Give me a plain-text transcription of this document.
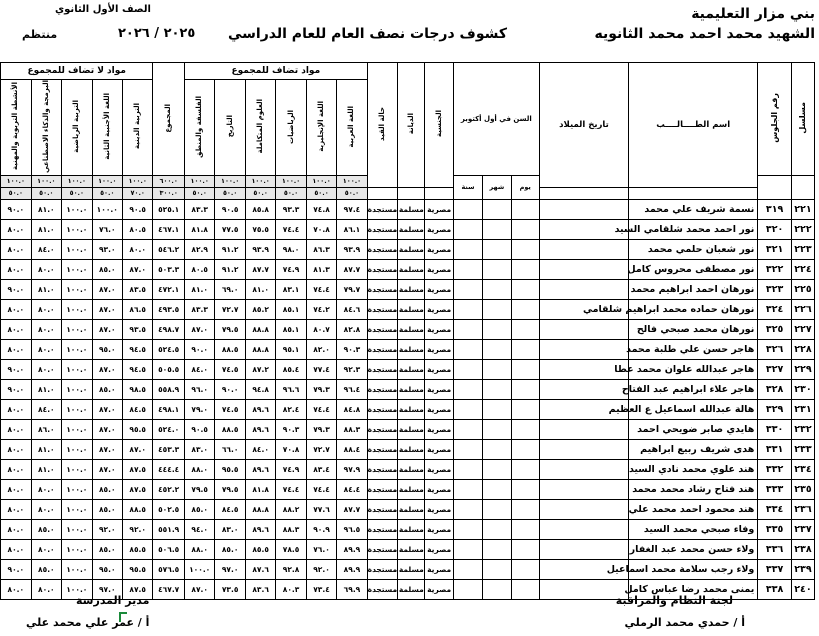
الصف الأول الثانوي	بني مزار التعليمية
الشهيد محمد احمد محمد الثانويه
كشوف درجات نصف العام للعام الدراسي
٢٠٢٥ / ٢٠٢٦
منتظم
مسلسل	رقم الجلوس	اسم الطــــالــــب	تاريخ الميلاد	السن في أول أكتوبر			الجنسية	الديانة	حالة القيد	مواد تضاف للمجموع						المجموع	مواد لا تضاف للمجموع				
										اللغة العربية	اللغة الإنجليزية	الرياضيات	العلوم المتكاملة	التاريخ	الفلسفة والمنطق		التربية الدينية	اللغة الأجنبية الثانية	التربية الرياضية	البرمجة والذكاء الاصطناعي	الأنشطة التربوية والمهنية
				يوم	شهر	سنة				١٠٠.٠	١٠٠.٠	١٠٠.٠	١٠٠.٠	١٠٠.٠	١٠٠.٠	٦٠٠.٠	١٠٠.٠	١٠٠.٠	١٠٠.٠	١٠٠.٠	١٠٠.٠
										٥٠.٠	٥٠.٠	٥٠.٠	٥٠.٠	٥٠.٠	٥٠.٠	٣٠٠.٠	٧٠.٠	٥٠.٠	٥٠.٠	٥٠.٠	٥٠.٠
٢٢١	٣١٩	نسمة شريف علي محمد					مصرية	مسلمة	مستجدة	٩٧.٤	٧٤.٨	٩٣.٣	٨٥.٨	٩٠.٥	٨٣.٣	٥٢٥.١	٩٠.٥	١٠٠.٠	١٠٠.٠	٨١.٠	٩٠.٠
٢٢٢	٣٢٠	نور احمد محمد شلقامي السيد					مصرية	مسلمة	مستجدة	٨٦.١	٧٠.٨	٧٤.٤	٧٥.٥	٧٧.٥	٨١.٨	٤٦٧.١	٨٠.٥	٧٦.٠	١٠٠.٠	٨١.٠	٨٠.٠
٢٢٣	٣٢١	نور شعبان حلمي محمد					مصرية	مسلمة	مستجدة	٩٣.٩	٨٦.٣	٩٨.٠	٩٣.٩	٩١.٢	٨٢.٩	٥٤٦.٢	٨٠.٠	٩٣.٠	١٠٠.٠	٨٤.٠	٨٠.٠
٢٢٤	٣٢٢	نور مصطفى محروس كامل					مصرية	مسلمة	مستجدة	٨٧.٧	٨١.٣	٧٤.٩	٨٧.٧	٩١.٢	٨٠.٥	٥٠٣.٣	٨٧.٠	٨٥.٠	١٠٠.٠	٨٠.٠	٨٠.٠
٢٢٥	٣٢٣	نورهان احمد ابراهيم محمد					مصرية	مسلمة	مستجدة	٧٩.٧	٧٤.٤	٨٣.١	٨١.٠	٦٩.٠	٨١.٠	٤٧٢.١	٨٣.٥	٨٧.٠	١٠٠.٠	٨١.٠	٩٠.٠
٢٢٦	٣٢٤	نورهان حماده محمد ابراهيم شلقامي					مصرية	مسلمة	مستجدة	٨٤.٦	٧٤.٢	٨٥.١	٨٥.٢	٧٢.٧	٨٣.٣	٤٩٣.٥	٨٦.٥	٨٧.٠	١٠٠.٠	٨٠.٠	٨٠.٠
٢٢٧	٣٢٥	نورهان محمد صبحي فالح					مصرية	مسلمة	مستجدة	٨٢.٨	٨٠.٧	٨٥.١	٨٨.٨	٧٩.٥	٨٧.٠	٤٩٨.٧	٩٣.٥	٨٧.٠	١٠٠.٠	٨٠.٠	٨٠.٠
٢٢٨	٣٢٦	هاجر حسن علي طلبة محمد					مصرية	مسلمة	مستجدة	٩٠.٣	٨٢.٠	٩٥.١	٨٨.٨	٨٨.٥	٩٠.٠	٥٢٤.٥	٩٤.٥	٩٥.٠	١٠٠.٠	٨٠.٠	٨٠.٠
٢٢٩	٣٢٧	هاجر عبدالله علوان محمد عطا					مصرية	مسلمة	مستجدة	٩٢.٣	٧٧.٤	٨٥.٤	٨٧.٢	٧٤.٥	٨٤.٠	٥٠٥.٥	٩٤.٥	٨٧.٠	١٠٠.٠	٨٠.٠	٩٠.٠
٢٣٠	٣٢٨	هاجر علاء ابراهيم عبد الفتاح					مصرية	مسلمة	مستجدة	٩٦.٤	٧٩.٣	٩٦.٦	٩٤.٨	٩٠.٠	٩٦.٠	٥٥٨.٩	٩٨.٥	٨٥.٠	١٠٠.٠	٨١.٠	٩٠.٠
٢٣١	٣٢٩	هالة عبدالله اسماعيل ع العظيم					مصرية	مسلمة	مستجدة	٨٤.٨	٧٤.٤	٨٢.٤	٨٩.٦	٧٤.٥	٧٩.٠	٤٩٨.١	٨٤.٥	٨٧.٠	١٠٠.٠	٨٤.٠	٨٠.٠
٢٣٢	٣٣٠	هايدي صابر ضويحي احمد					مصرية	مسلمة	مستجدة	٨٨.٣	٧٩.٣	٩٠.٣	٨٩.٦	٨٨.٥	٩٠.٥	٥٢٤.٠	٩٥.٥	٨٧.٠	١٠٠.٠	٨٦.٠	٨٠.٠
٢٣٣	٣٣١	هدى شريف ربيع ابراهيم					مصرية	مسلمة	مستجدة	٨٨.٤	٧٢.٧	٧٠.٨	٨٤.٠	٦٦.٠	٨٣.٠	٤٥٣.٣	٨٧.٠	٨٧.٠	١٠٠.٠	٨١.٠	٨٠.٠
٢٣٤	٣٣٢	هند علوي محمد نادي السيد					مصرية	مسلمة	مستجدة	٩٧.٩	٨٣.٤	٧٤.٩	٨٩.٦	٩٥.٥	٨٨.٠	٤٤٤.٤	٨٧.٥	٨٧.٠	١٠٠.٠	٨١.٠	٨٠.٠
٢٣٥	٣٣٣	هند فتاح رشاد محمد محمد					مصرية	مسلمة	مستجدة	٨٤.٤	٧٤.٤	٧٤.٤	٨١.٨	٧٩.٥	٧٩.٥	٤٥٢.٢	٨٧.٥	٨٥.٠	١٠٠.٠	٨٠.٠	٨٠.٠
٢٣٦	٣٣٤	هند محمود احمد محمد علي					مصرية	مسلمة	مستجدة	٨٧.٧	٧٧.٦	٨٨.٢	٨٨.٨	٨٤.٥	٨٥.٠	٥٠٢.٥	٨٨.٥	٨٥.٠	١٠٠.٠	٨٠.٠	٨٠.٠
٢٣٧	٣٣٥	وفاء صبحي محمد السيد					مصرية	مسلمة	مستجدة	٩٦.٥	٩٠.٩	٨٨.٣	٨٩.٦	٨٣.٠	٩٤.٠	٥٥١.٩	٩٢.٠	٩٢.٠	١٠٠.٠	٨٥.٠	٨٠.٠
٢٣٨	٣٣٦	ولاء حسن محمد عبد الغفار					مصرية	مسلمة	مستجدة	٨٩.٩	٧٦.٠	٧٨.٥	٨٥.٥	٨٥.٠	٨٨.٠	٥٠٦.٥	٨٥.٥	٨٥.٠	١٠٠.٠	٨٠.٠	٨٠.٠
٢٣٩	٣٣٧	ولاء رجب سلامة محمد اسماعيل					مصرية	مسلمة	مستجدة	٨٩.٩	٩٢.٠	٩٢.٨	٨٧.٦	٩٧.٠	١٠٠.٠	٥٧٦.٥	٩٥.٥	٩٥.٠	١٠٠.٠	٨٥.٠	٩٠.٠
٢٤٠	٣٣٨	يمنى محمد رضا عباس كامل					مصرية	مسلمة	مستجدة	٦٩.٩	٧٣.٤	٨٠.٣	٨٣.٦	٧٣.٥	٨٧.٠	٤٦٧.٧	٨٧.٥	٩٧.٠	١٠٠.٠	٨٠.٠	٨٠.٠
لجنة النظام والمراقبة
أ / حمدي محمد الرملي
مدير المدرسة
أ / عمر علي محمد علي
